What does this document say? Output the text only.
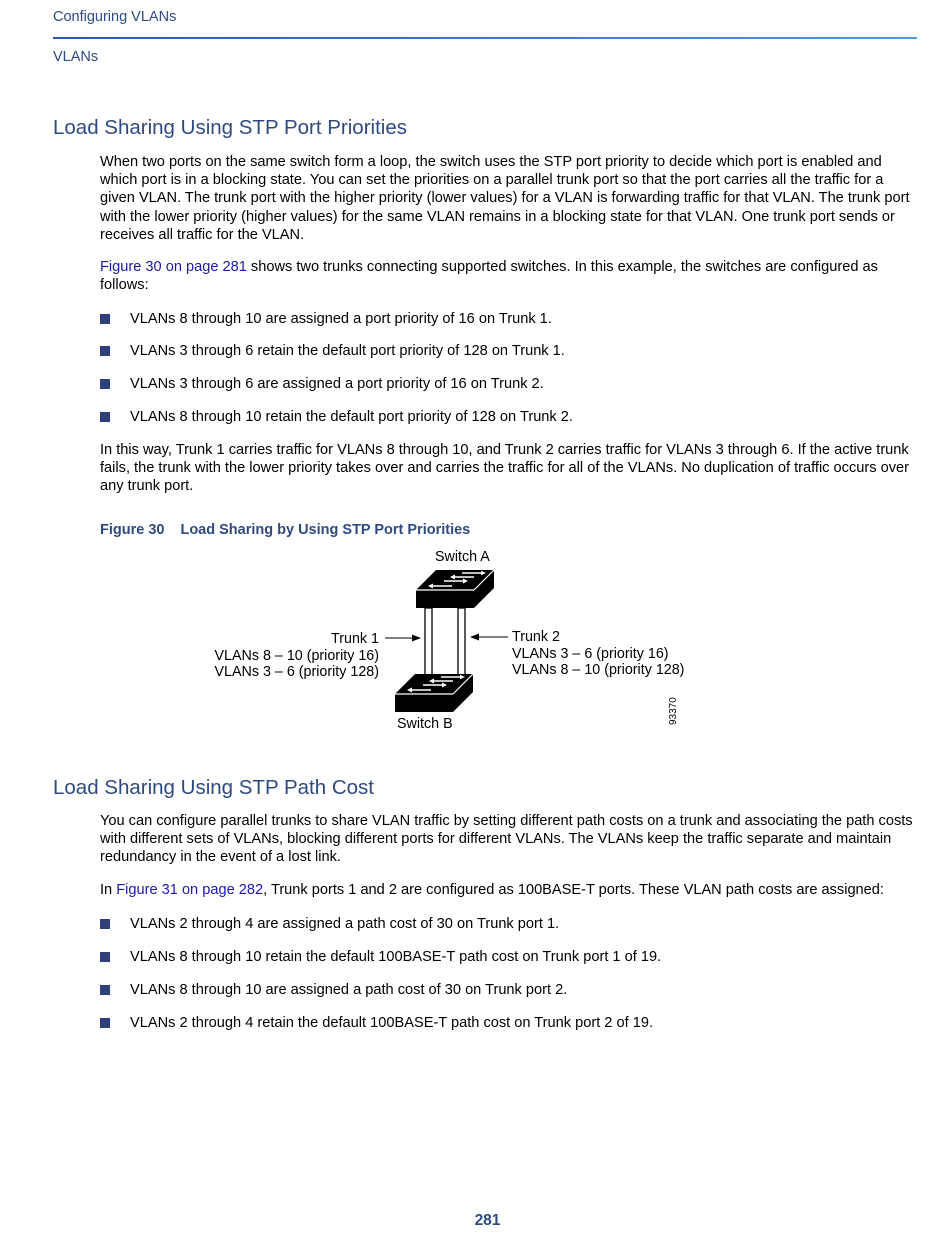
Configuring VLANs
VLANs
Load Sharing Using STP Port Priorities
When two ports on the same switch form a loop, the switch uses the STP port priority to decide which port is enabled and which port is in a blocking state. You can set the priorities on a parallel trunk port so that the port carries all the traffic for a given VLAN. The trunk port with the higher priority (lower values) for a VLAN is forwarding traffic for that VLAN. The trunk port with the lower priority (higher values) for the same VLAN remains in a blocking state for that VLAN. One trunk port sends or receives all traffic for the VLAN.
Figure 30 on page 281 shows two trunks connecting supported switches. In this example, the switches are configured as follows:
VLANs 8 through 10 are assigned a port priority of 16 on Trunk 1.
VLANs 3 through 6 retain the default port priority of 128 on Trunk 1.
VLANs 3 through 6 are assigned a port priority of 16 on Trunk 2.
VLANs 8 through 10 retain the default port priority of 128 on Trunk 2.
In this way, Trunk 1 carries traffic for VLANs 8 through 10, and Trunk 2 carries traffic for VLANs 3 through 6. If the active trunk fails, the trunk with the lower priority takes over and carries the traffic for all of the VLANs. No duplication of traffic occurs over any trunk port.
Figure 30 Load Sharing by Using STP Port Priorities
Switch A
Switch B
Trunk 1
VLANs 8 – 10 (priority 16)
VLANs 3 – 6 (priority 128)
Trunk 2
VLANs 3 – 6 (priority 16)
VLANs 8 – 10 (priority 128)
93370
Load Sharing Using STP Path Cost
You can configure parallel trunks to share VLAN traffic by setting different path costs on a trunk and associating the path costs with different sets of VLANs, blocking different ports for different VLANs. The VLANs keep the traffic separate and maintain redundancy in the event of a lost link.
In Figure 31 on page 282, Trunk ports 1 and 2 are configured as 100BASE-T ports. These VLAN path costs are assigned:
VLANs 2 through 4 are assigned a path cost of 30 on Trunk port 1.
VLANs 8 through 10 retain the default 100BASE-T path cost on Trunk port 1 of 19.
VLANs 8 through 10 are assigned a path cost of 30 on Trunk port 2.
VLANs 2 through 4 retain the default 100BASE-T path cost on Trunk port 2 of 19.
281
